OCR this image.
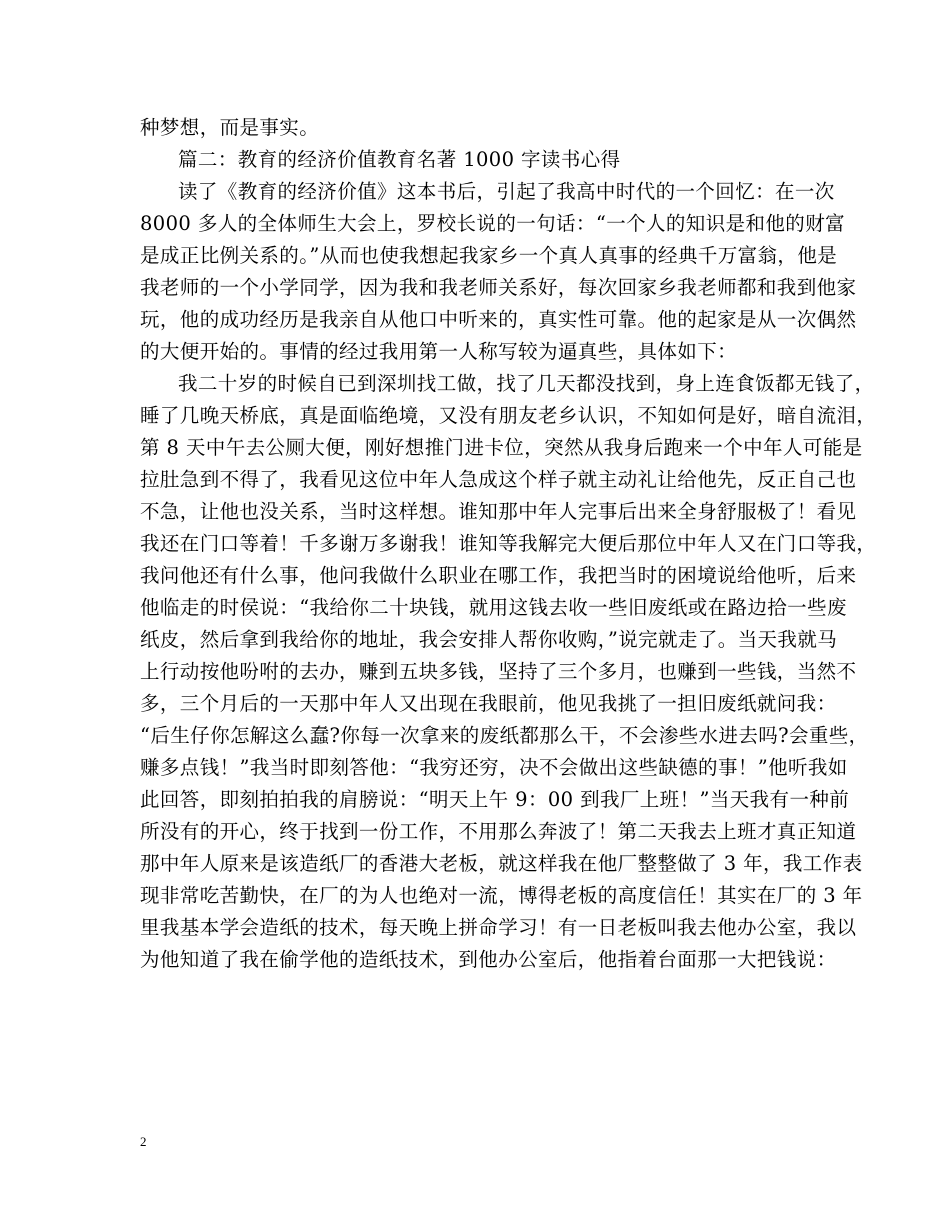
种梦想，而是事实。
篇二：教育的经济价值教育名著 1000 字读书心得
读了《教育的经济价值》这本书后，引起了我高中时代的一个回忆：在一次
8000 多人的全体师生大会上，罗校长说的一句话：“一个人的知识是和他的财富
是成正比例关系的。”从而也使我想起我家乡一个真人真事的经典千万富翁，他是
我老师的一个小学同学，因为我和我老师关系好，每次回家乡我老师都和我到他家
玩，他的成功经历是我亲自从他口中听来的，真实性可靠。他的起家是从一次偶然
的大便开始的。事情的经过我用第一人称写较为逼真些，具体如下：
我二十岁的时候自已到深圳找工做，找了几天都没找到，身上连食饭都无钱了，
睡了几晚天桥底，真是面临绝境，又没有朋友老乡认识，不知如何是好，暗自流泪，
第 8 天中午去公厕大便，刚好想推门进卡位，突然从我身后跑来一个中年人可能是
拉肚急到不得了，我看见这位中年人急成这个样子就主动礼让给他先，反正自己也
不急，让他也没关系，当时这样想。谁知那中年人完事后出来全身舒服极了！看见
我还在门口等着！千多谢万多谢我！谁知等我解完大便后那位中年人又在门口等我，
我问他还有什么事，他问我做什么职业在哪工作，我把当时的困境说给他听，后来
他临走的时侯说：“我给你二十块钱，就用这钱去收一些旧废纸或在路边拾一些废
纸皮，然后拿到我给你的地址，我会安排人帮你收购，”说完就走了。当天我就马
上行动按他吩咐的去办，赚到五块多钱，坚持了三个多月，也赚到一些钱，当然不
多，三个月后的一天那中年人又出现在我眼前，他见我挑了一担旧废纸就问我：
“后生仔你怎解这么蠢?你每一次拿来的废纸都那么干，不会渗些水进去吗?会重些，
赚多点钱！”我当时即刻答他：“我穷还穷，决不会做出这些缺德的事！”他听我如
此回答，即刻拍拍我的肩膀说：“明天上午 9：00 到我厂上班！”当天我有一种前
所没有的开心，终于找到一份工作，不用那么奔波了！第二天我去上班才真正知道
那中年人原来是该造纸厂的香港大老板，就这样我在他厂整整做了 3 年，我工作表
现非常吃苦勤快，在厂的为人也绝对一流，博得老板的高度信任！其实在厂的 3 年
里我基本学会造纸的技术，每天晚上拼命学习！有一日老板叫我去他办公室，我以
为他知道了我在偷学他的造纸技术，到他办公室后，他指着台面那一大把钱说：
2
